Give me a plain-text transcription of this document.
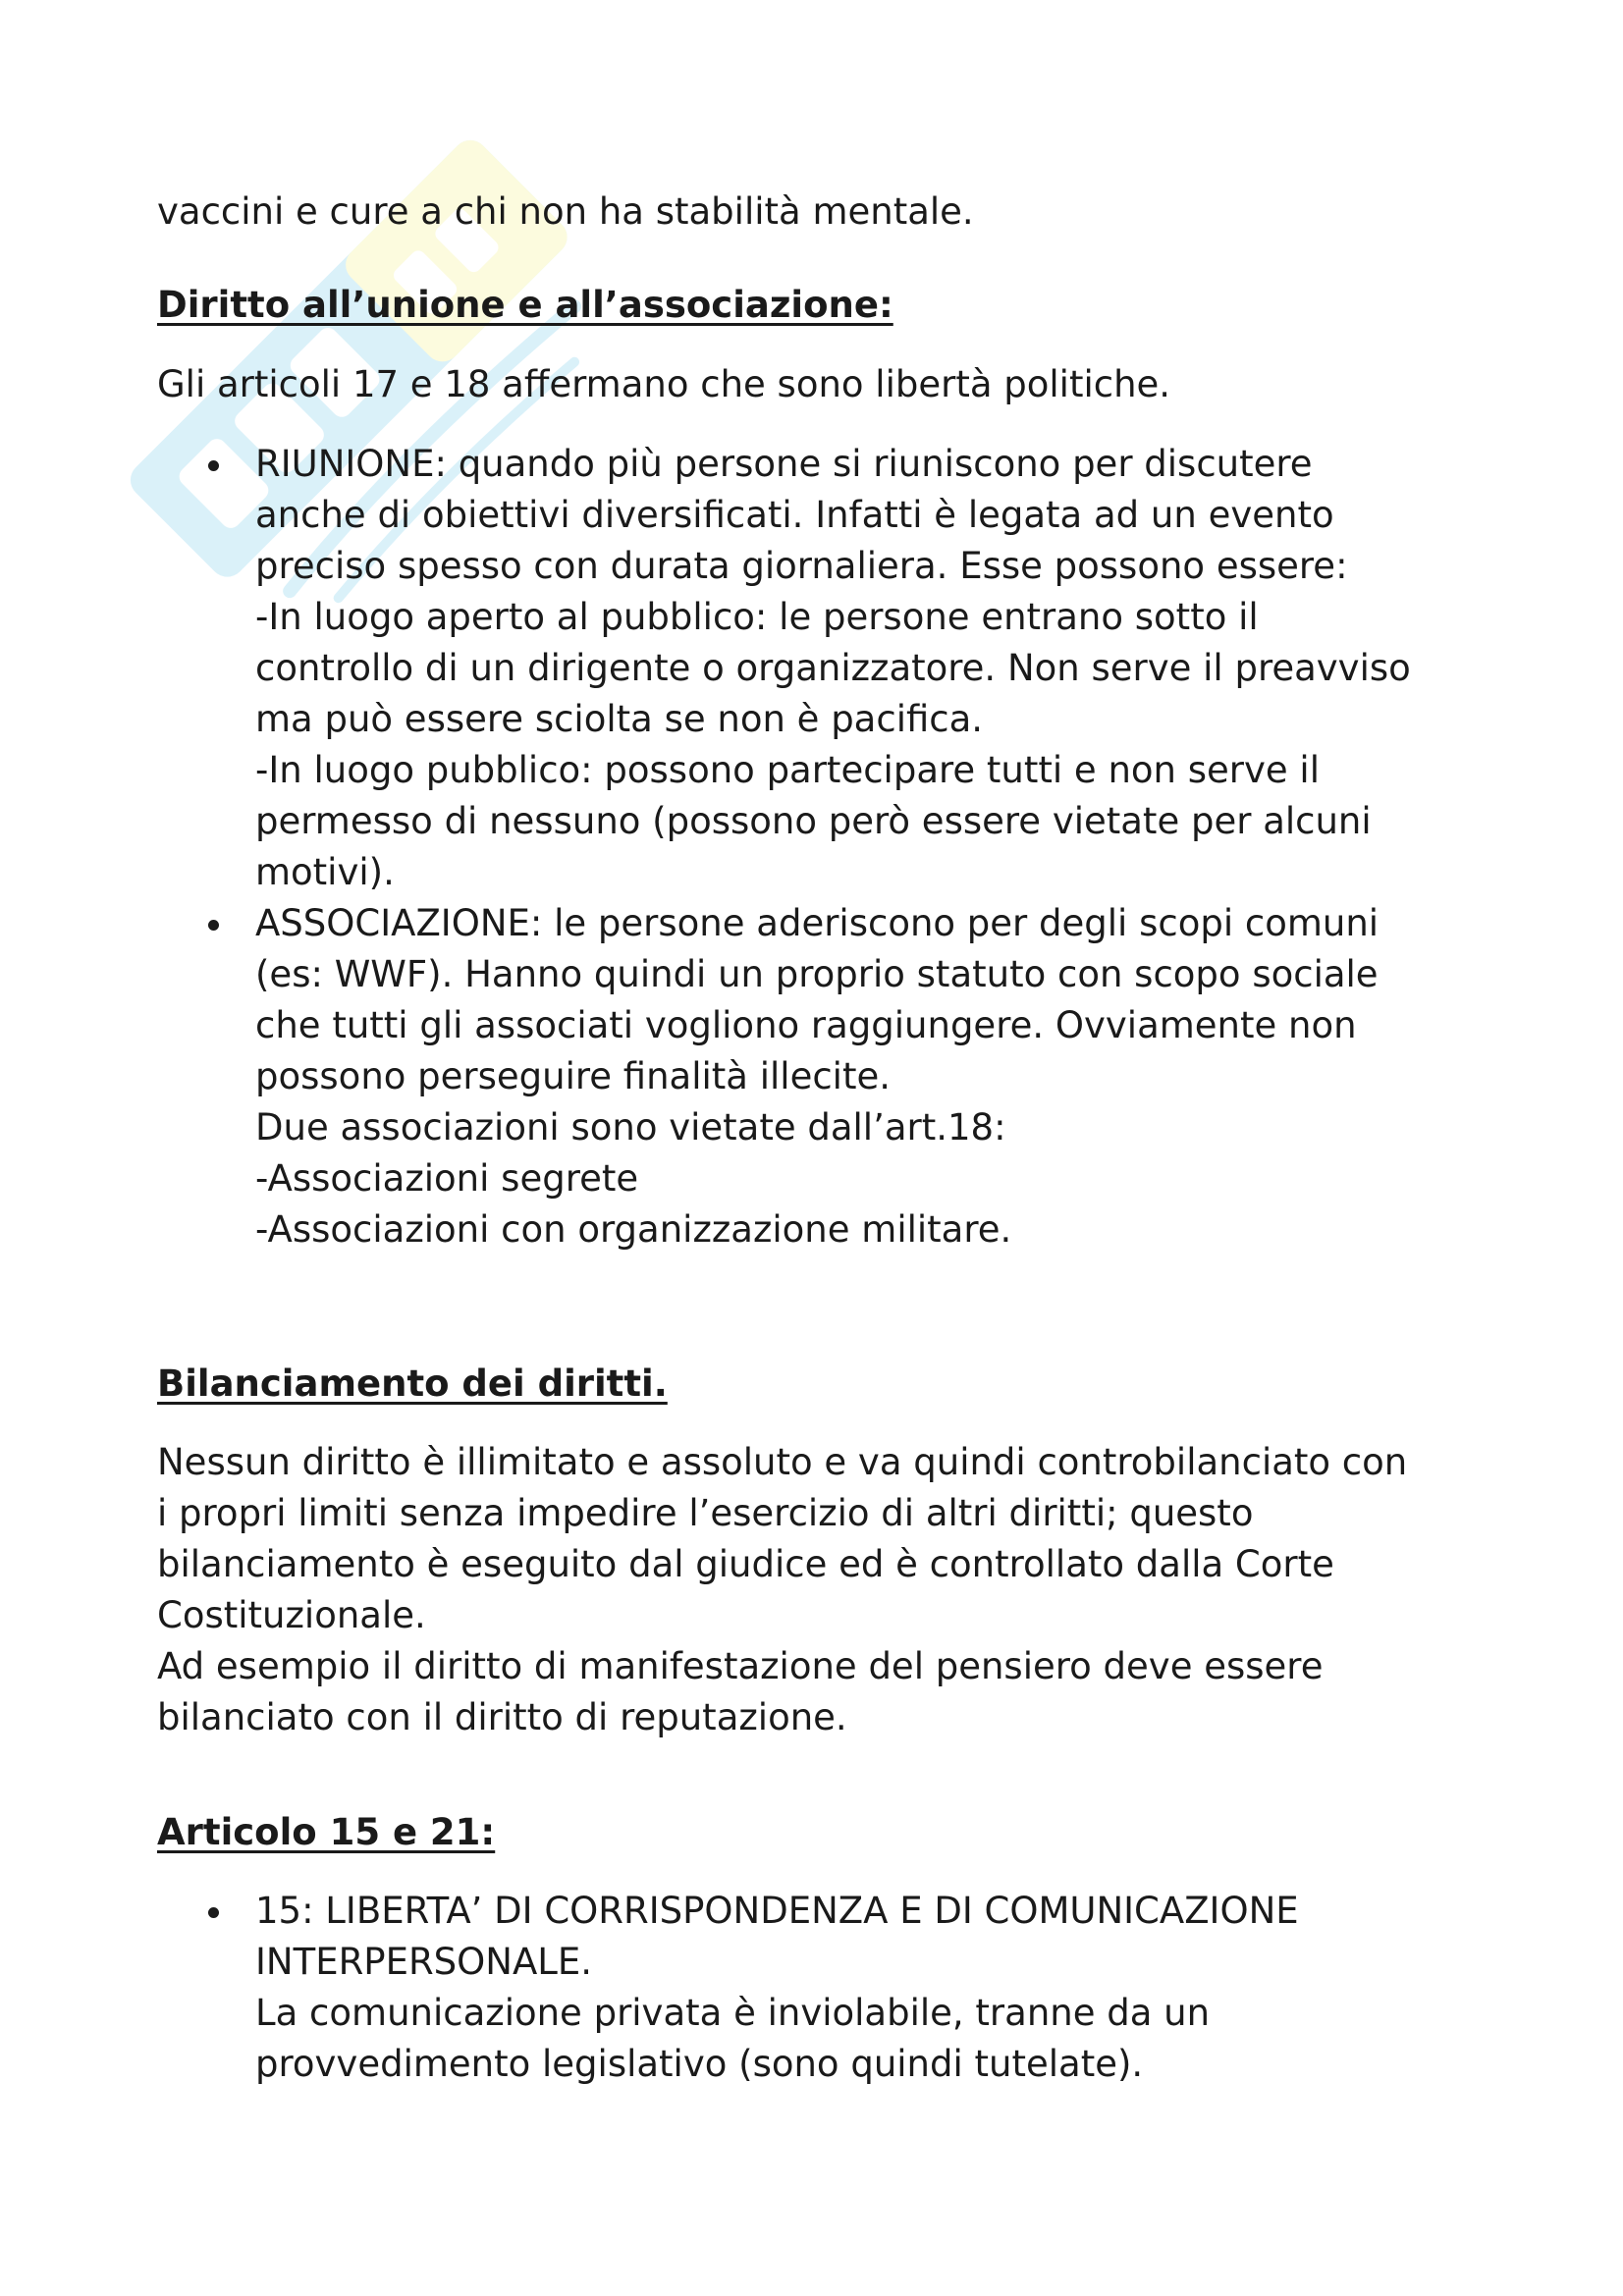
vaccini e cure a chi non ha stabilità mentale.

Diritto all’unione e all’associazione:

Gli articoli 17 e 18 affermano che sono libertà politiche.

RIUNIONE: quando più persone si riuniscono per discutere
anche di obiettivi diversificati. Infatti è legata ad un evento
preciso spesso con durata giornaliera. Esse possono essere:
-In luogo aperto al pubblico: le persone entrano sotto il
controllo di un dirigente o organizzatore. Non serve il preavviso
ma può essere sciolta se non è pacifica.
-In luogo pubblico: possono partecipare tutti e non serve il
permesso di nessuno (possono però essere vietate per alcuni
motivi).
ASSOCIAZIONE: le persone aderiscono per degli scopi comuni
(es: WWF). Hanno quindi un proprio statuto con scopo sociale
che tutti gli associati vogliono raggiungere. Ovviamente non
possono perseguire finalità illecite.
Due associazioni sono vietate dall’art.18:
-Associazioni segrete
-Associazioni con organizzazione militare.

Bilanciamento dei diritti.

Nessun diritto è illimitato e assoluto e va quindi controbilanciato con
i propri limiti senza impedire l’esercizio di altri diritti; questo
bilanciamento è eseguito dal giudice ed è controllato dalla Corte
Costituzionale.
Ad esempio il diritto di manifestazione del pensiero deve essere
bilanciato con il diritto di reputazione.

Articolo 15 e 21:

15: LIBERTA’ DI CORRISPONDENZA E DI COMUNICAZIONE
INTERPERSONALE.
La comunicazione privata è inviolabile, tranne da un
provvedimento legislativo (sono quindi tutelate).
